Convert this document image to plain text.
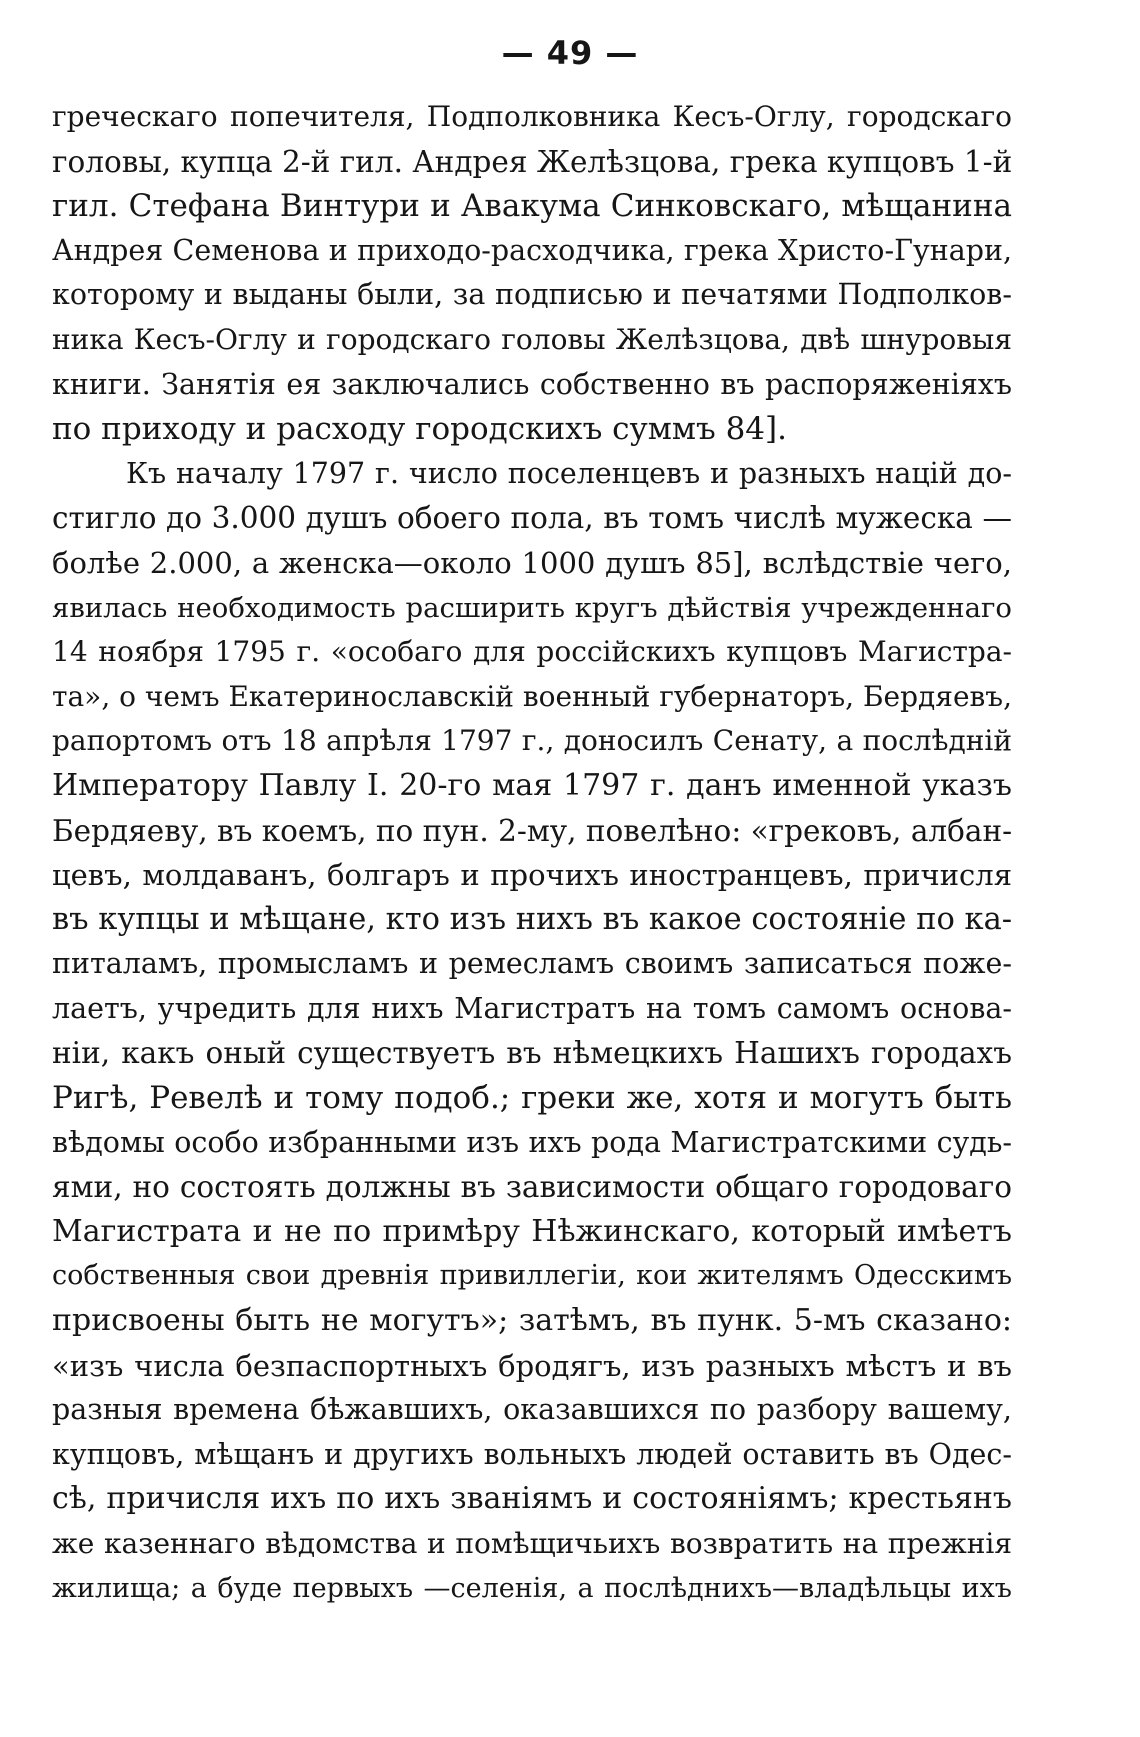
— 49 —
греческаго попечителя, Подполковника Кесъ-Оглу, городскаго
головы, купца 2-й гил. Андрея Желѣзцова, грека купцовъ 1-й
гил. Стефана Винтури и Авакума Синковскаго, мѣщанина
Андрея Семенова и приходо-расходчика, грека Христо-Гунари,
которому и выданы были, за подписью и печатями Подполков-
ника Кесъ-Оглу и городскаго головы Желѣзцова, двѣ шнуровыя
книги. Занятія ея заключались собственно въ распоряженіяхъ
по приходу и расходу городскихъ суммъ 84].
Къ началу 1797 г. число поселенцевъ и разныхъ націй до-
стигло до 3.000 душъ обоего пола, въ томъ числѣ мужеска —
болѣе 2.000, а женска—около 1000 душъ 85], вслѣдствіе чего,
явилась необходимость расширить кругъ дѣйствія учрежденнаго
14 ноября 1795 г. «особаго для россійскихъ купцовъ Магистра-
та», о чемъ Екатеринославскій военный губернаторъ, Бердяевъ,
рапортомъ отъ 18 апрѣля 1797 г., доносилъ Сенату, а послѣдній
Императору Павлу I. 20-го мая 1797 г. данъ именной указъ
Бердяеву, въ коемъ, по пун. 2-му, повелѣно: «грековъ, албан-
цевъ, молдаванъ, болгаръ и прочихъ иностранцевъ, причисля
въ купцы и мѣщане, кто изъ нихъ въ какое состояніе по ка-
питаламъ, промысламъ и ремесламъ своимъ записаться поже-
лаетъ, учредить для нихъ Магистратъ на томъ самомъ основа-
ніи, какъ оный существуетъ въ нѣмецкихъ Нашихъ городахъ
Ригѣ, Ревелѣ и тому подоб.; греки же, хотя и могутъ быть
вѣдомы особо избранными изъ ихъ рода Магистратскими судь-
ями, но состоять должны въ зависимости общаго городоваго
Магистрата и не по примѣру Нѣжинскаго, который имѣетъ
собственныя свои древнія привиллегіи, кои жителямъ Одесскимъ
присвоены быть не могутъ»; затѣмъ, въ пунк. 5-мъ сказано:
«изъ числа безпаспортныхъ бродягъ, изъ разныхъ мѣстъ и въ
разныя времена бѣжавшихъ, оказавшихся по разбору вашему,
купцовъ, мѣщанъ и другихъ вольныхъ людей оставить въ Одес-
сѣ, причисля ихъ по ихъ званіямъ и состояніямъ; крестьянъ
же казеннаго вѣдомства и помѣщичьихъ возвратить на прежнія
жилища; а буде первыхъ —селенія, а послѣднихъ—владѣльцы ихъ
